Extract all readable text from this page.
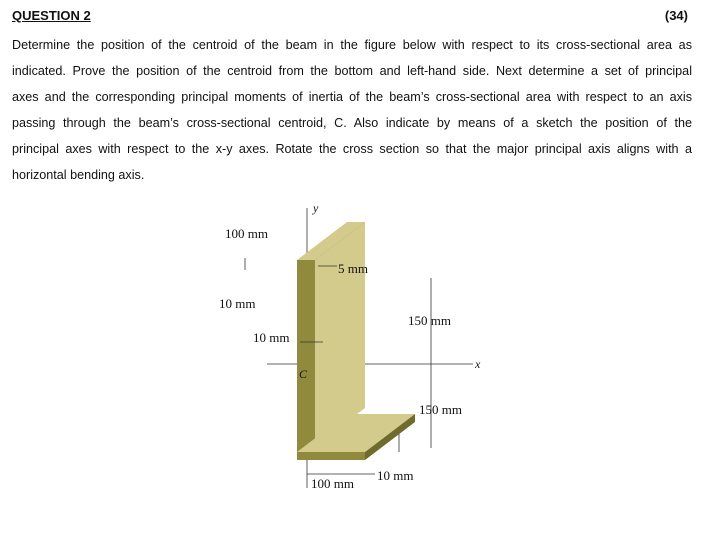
QUESTION 2	(34)

Determine the position of the centroid of the beam in the figure below with respect to its cross-sectional area as
indicated. Prove the position of the centroid from the bottom and left-hand side. Next determine a set of principal
axes and the corresponding principal moments of inertia of the beam’s cross-sectional area with respect to an axis
passing through the beam’s cross-sectional centroid, C. Also indicate by means of a sketch the position of the
principal axes with respect to the x-y axes. Rotate the cross section so that the major principal axis aligns with a
horizontal bending axis.

y
x
C
100 mm
10 mm
5 mm
10 mm
150 mm
150 mm
10 mm
100 mm
